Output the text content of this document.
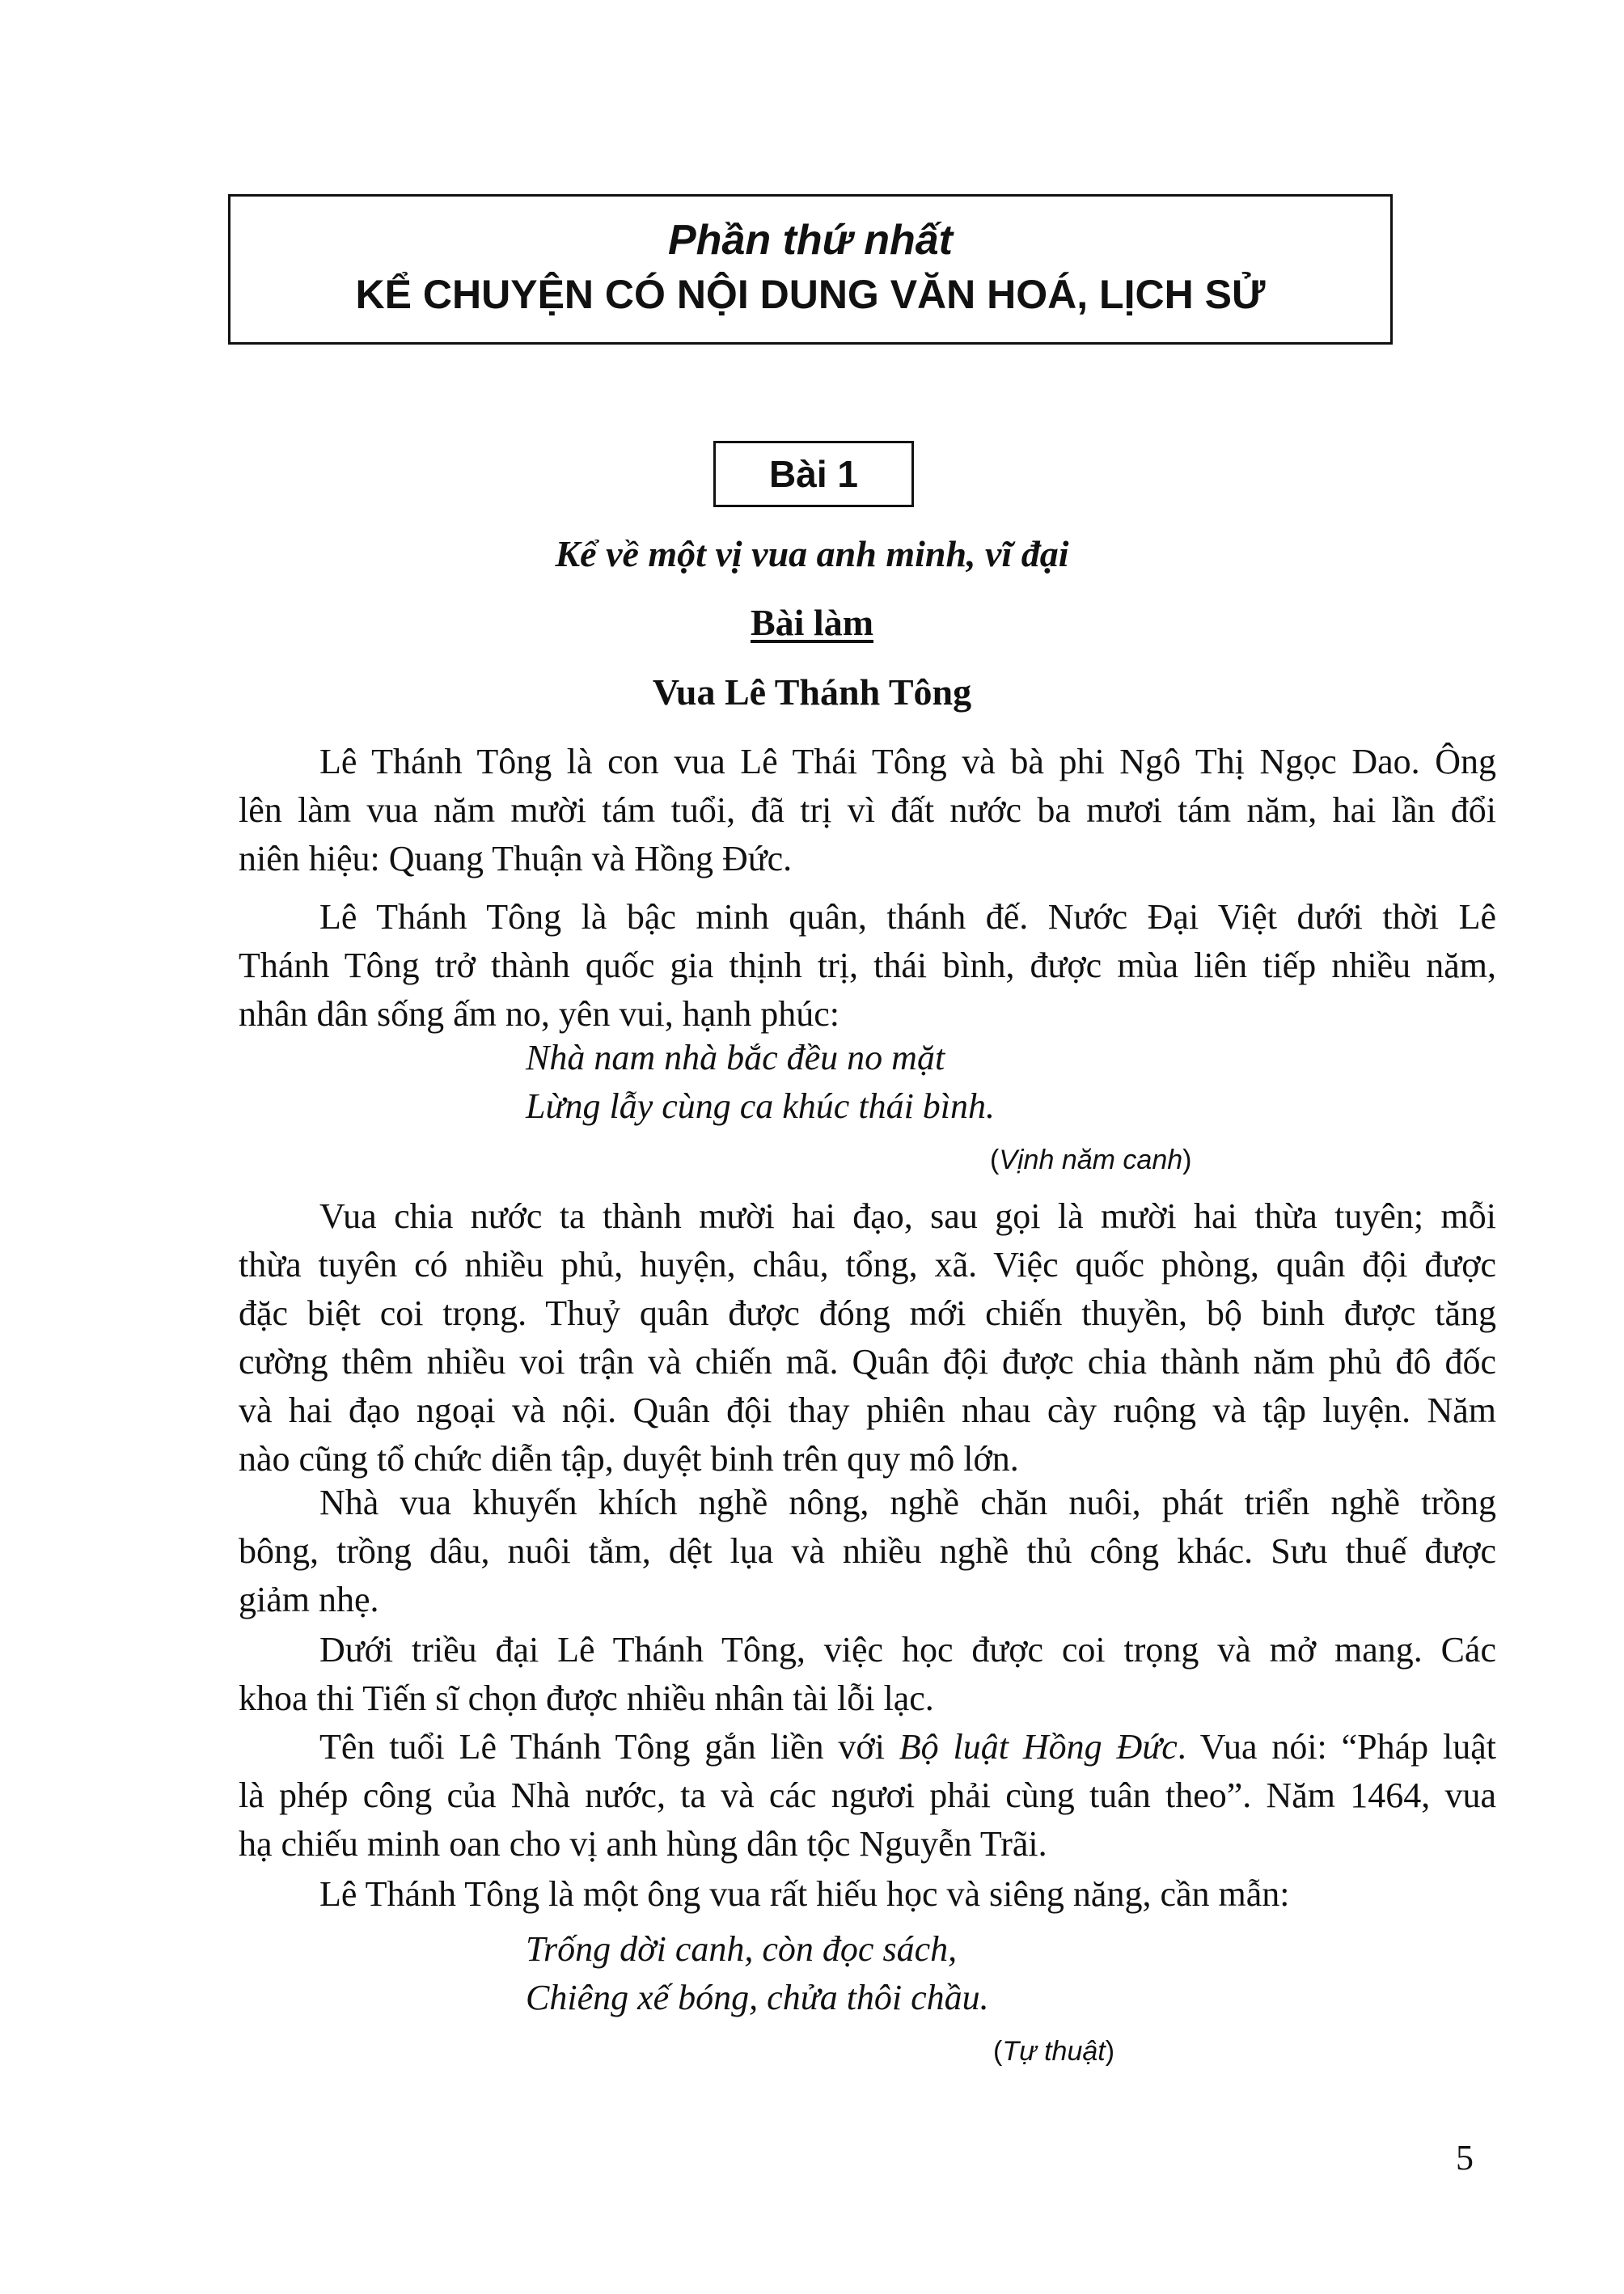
Phần thứ nhất
KỂ CHUYỆN CÓ NỘI DUNG VĂN HOÁ, LỊCH SỬ
Bài 1
Kể về một vị vua anh minh, vĩ đại
Bài làm
Vua Lê Thánh Tông
Lê Thánh Tông là con vua Lê Thái Tông và bà phi Ngô Thị Ngọc Dao. Ông
lên làm vua năm mười tám tuổi, đã trị vì đất nước ba mươi tám năm, hai lần đổi
niên hiệu: Quang Thuận và Hồng Đức.
Lê Thánh Tông là bậc minh quân, thánh đế. Nước Đại Việt dưới thời Lê
Thánh Tông trở thành quốc gia thịnh trị, thái bình, được mùa liên tiếp nhiều năm,
nhân dân sống ấm no, yên vui, hạnh phúc:
Nhà nam nhà bắc đều no mặt
Lừng lẫy cùng ca khúc thái bình.
(Vịnh năm canh)
Vua chia nước ta thành mười hai đạo, sau gọi là mười hai thừa tuyên; mỗi
thừa tuyên có nhiều phủ, huyện, châu, tổng, xã. Việc quốc phòng, quân đội được
đặc biệt coi trọng. Thuỷ quân được đóng mới chiến thuyền, bộ binh được tăng
cường thêm nhiều voi trận và chiến mã. Quân đội được chia thành năm phủ đô đốc
và hai đạo ngoại và nội. Quân đội thay phiên nhau cày ruộng và tập luyện. Năm
nào cũng tổ chức diễn tập, duyệt binh trên quy mô lớn.
Nhà vua khuyến khích nghề nông, nghề chăn nuôi, phát triển nghề trồng
bông, trồng dâu, nuôi tằm, dệt lụa và nhiều nghề thủ công khác. Sưu thuế được
giảm nhẹ.
Dưới triều đại Lê Thánh Tông, việc học được coi trọng và mở mang. Các
khoa thi Tiến sĩ chọn được nhiều nhân tài lỗi lạc.
Tên tuổi Lê Thánh Tông gắn liền với Bộ luật Hồng Đức. Vua nói: “Pháp luật
là phép công của Nhà nước, ta và các ngươi phải cùng tuân theo”. Năm 1464, vua
hạ chiếu minh oan cho vị anh hùng dân tộc Nguyễn Trãi.
Lê Thánh Tông là một ông vua rất hiếu học và siêng năng, cần mẫn:
Trống dời canh, còn đọc sách,
Chiêng xế bóng, chửa thôi chầu.
(Tự thuật)
5
